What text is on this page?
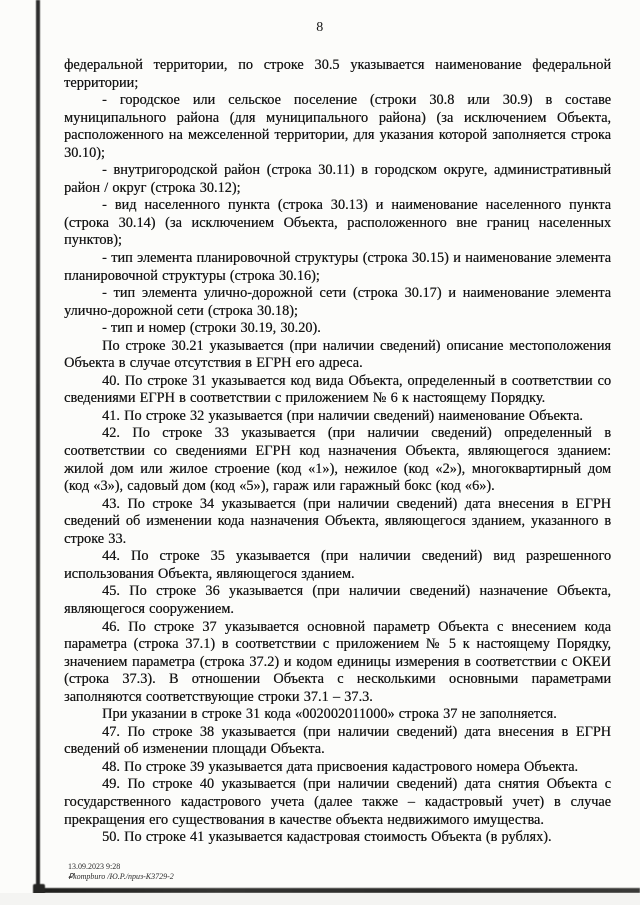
8

федеральной территории, по строке 30.5 указывается наименование федеральной территории;

- городское или сельское поселение (строки 30.8 или 30.9) в составе муниципального района (для муниципального района) (за исключением Объекта, расположенного на межселенной территории, для указания которой заполняется строка 30.10);

- внутригородской район (строка 30.11) в городском округе, административный район / округ (строка 30.12);

- вид населенного пункта (строка 30.13) и наименование населенного пункта (строка 30.14) (за исключением Объекта, расположенного вне границ населенных пунктов);

- тип элемента планировочной структуры (строка 30.15) и наименование элемента планировочной структуры (строка 30.16);

- тип элемента улично-дорожной сети (строка 30.17) и наименование элемента улично-дорожной сети (строка 30.18);

- тип и номер (строки 30.19, 30.20).

По строке 30.21 указывается (при наличии сведений) описание местоположения Объекта в случае отсутствия в ЕГРН его адреса.

40. По строке 31 указывается код вида Объекта, определенный в соответствии со сведениями ЕГРН в соответствии с приложением № 6 к настоящему Порядку.

41. По строке 32 указывается (при наличии сведений) наименование Объекта.

42. По строке 33 указывается (при наличии сведений) определенный в соответствии со сведениями ЕГРН код назначения Объекта, являющегося зданием: жилой дом или жилое строение (код «1»), нежилое (код «2»), многоквартирный дом (код «3»), садовый дом (код «5»), гараж или гаражный бокс (код «6»).

43. По строке 34 указывается (при наличии сведений) дата внесения в ЕГРН сведений об изменении кода назначения Объекта, являющегося зданием, указанного в строке 33.

44. По строке 35 указывается (при наличии сведений) вид разрешенного использования Объекта, являющегося зданием.

45. По строке 36 указывается (при наличии сведений) назначение Объекта, являющегося сооружением.

46. По строке 37 указывается основной параметр Объекта с внесением кода параметра (строка 37.1) в соответствии с приложением № 5 к настоящему Порядку, значением параметра (строка 37.2) и кодом единицы измерения в соответствии с ОКЕИ (строка 37.3). В отношении Объекта с несколькими основными параметрами заполняются соответствующие строки 37.1 – 37.3.

При указании в строке 31 кода «002002011000» строка 37 не заполняется.

47. По строке 38 указывается (при наличии сведений) дата внесения в ЕГРН сведений об изменении площади Объекта.

48. По строке 39 указывается дата присвоения кадастрового номера Объекта.

49. По строке 40 указывается (при наличии сведений) дата снятия Объекта с государственного кадастрового учета (далее также – кадастровый учет) в случае прекращения его существования в качестве объекта недвижимого имущества.

50. По строке 41 указывается кадастровая стоимость Объекта (в рублях).

13.09.2023 9:28
₽kompburo /Ю.Р./приз-К3729-2
